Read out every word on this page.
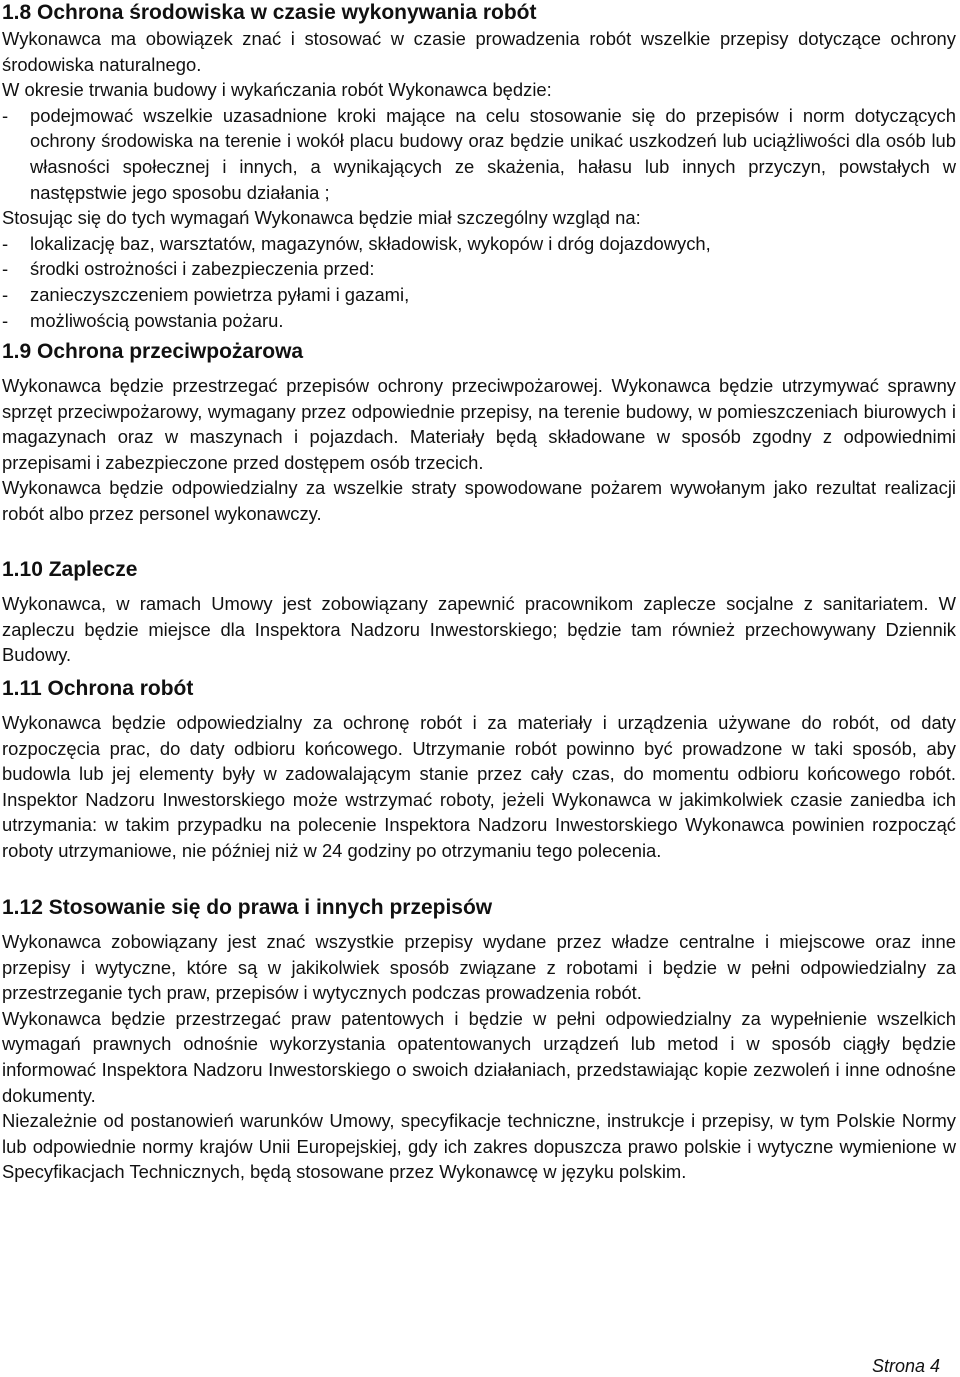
1.8 Ochrona środowiska w czasie wykonywania robót

Wykonawca ma obowiązek znać i stosować w czasie prowadzenia robót wszelkie przepisy dotyczące ochrony środowiska naturalnego.

W okresie trwania budowy i wykańczania robót Wykonawca będzie:

-	podejmować wszelkie uzasadnione kroki mające na celu stosowanie się do przepisów i norm dotyczących ochrony środowiska na terenie i wokół placu budowy oraz będzie unikać uszkodzeń lub uciążliwości dla osób lub własności społecznej i innych, a wynikających ze skażenia, hałasu lub innych przyczyn, powstałych w następstwie jego sposobu działania ;

Stosując się do tych wymagań Wykonawca będzie miał szczególny wzgląd na:

-	lokalizację baz, warsztatów, magazynów, składowisk, wykopów i dróg dojazdowych,
-	środki ostrożności i zabezpieczenia przed:
-	zanieczyszczeniem powietrza pyłami i gazami,
-	możliwością powstania pożaru.
1.9 Ochrona przeciwpożarowa

Wykonawca będzie przestrzegać przepisów ochrony przeciwpożarowej. Wykonawca będzie utrzymywać sprawny sprzęt przeciwpożarowy, wymagany przez odpowiednie przepisy, na terenie budowy, w pomieszczeniach biurowych i magazynach oraz w maszynach i pojazdach. Materiały będą składowane w sposób zgodny z odpowiednimi przepisami i zabezpieczone przed dostępem osób trzecich.

Wykonawca będzie odpowiedzialny za wszelkie straty spowodowane pożarem wywołanym jako rezultat realizacji robót albo przez personel wykonawczy.

1.10 Zaplecze

Wykonawca, w ramach Umowy jest zobowiązany zapewnić pracownikom zaplecze socjalne z sanitariatem. W zapleczu będzie miejsce dla Inspektora Nadzoru Inwestorskiego; będzie tam również przechowywany Dziennik Budowy.

1.11 Ochrona robót

Wykonawca będzie odpowiedzialny za ochronę robót i za materiały i urządzenia używane do robót, od daty rozpoczęcia prac, do daty odbioru końcowego. Utrzymanie robót powinno być prowadzone w taki sposób, aby budowla lub jej elementy były w zadowalającym stanie przez cały czas, do momentu odbioru końcowego robót. Inspektor Nadzoru Inwestorskiego może wstrzymać roboty, jeżeli Wykonawca w jakimkolwiek czasie zaniedba ich utrzymania: w takim przypadku na polecenie Inspektora Nadzoru Inwestorskiego Wykonawca powinien rozpocząć roboty utrzymaniowe, nie później niż w 24 godziny po otrzymaniu tego polecenia.

1.12 Stosowanie się do prawa i innych przepisów

Wykonawca zobowiązany jest znać wszystkie przepisy wydane przez władze centralne i miejscowe oraz inne przepisy i wytyczne, które są w jakikolwiek sposób związane z robotami i będzie w pełni odpowiedzialny za przestrzeganie tych praw, przepisów i wytycznych podczas prowadzenia robót.

Wykonawca będzie przestrzegać praw patentowych i będzie w pełni odpowiedzialny za wypełnienie wszelkich wymagań prawnych odnośnie wykorzystania opatentowanych urządzeń lub metod i w sposób ciągły będzie informować Inspektora Nadzoru Inwestorskiego o swoich działaniach, przedstawiając kopie zezwoleń i inne odnośne dokumenty.

Niezależnie od postanowień warunków Umowy, specyfikacje techniczne, instrukcje i przepisy, w tym Polskie Normy lub odpowiednie normy krajów Unii Europejskiej, gdy ich zakres dopuszcza prawo polskie i wytyczne wymienione w Specyfikacjach Technicznych, będą stosowane przez Wykonawcę w języku polskim.

Strona 4
